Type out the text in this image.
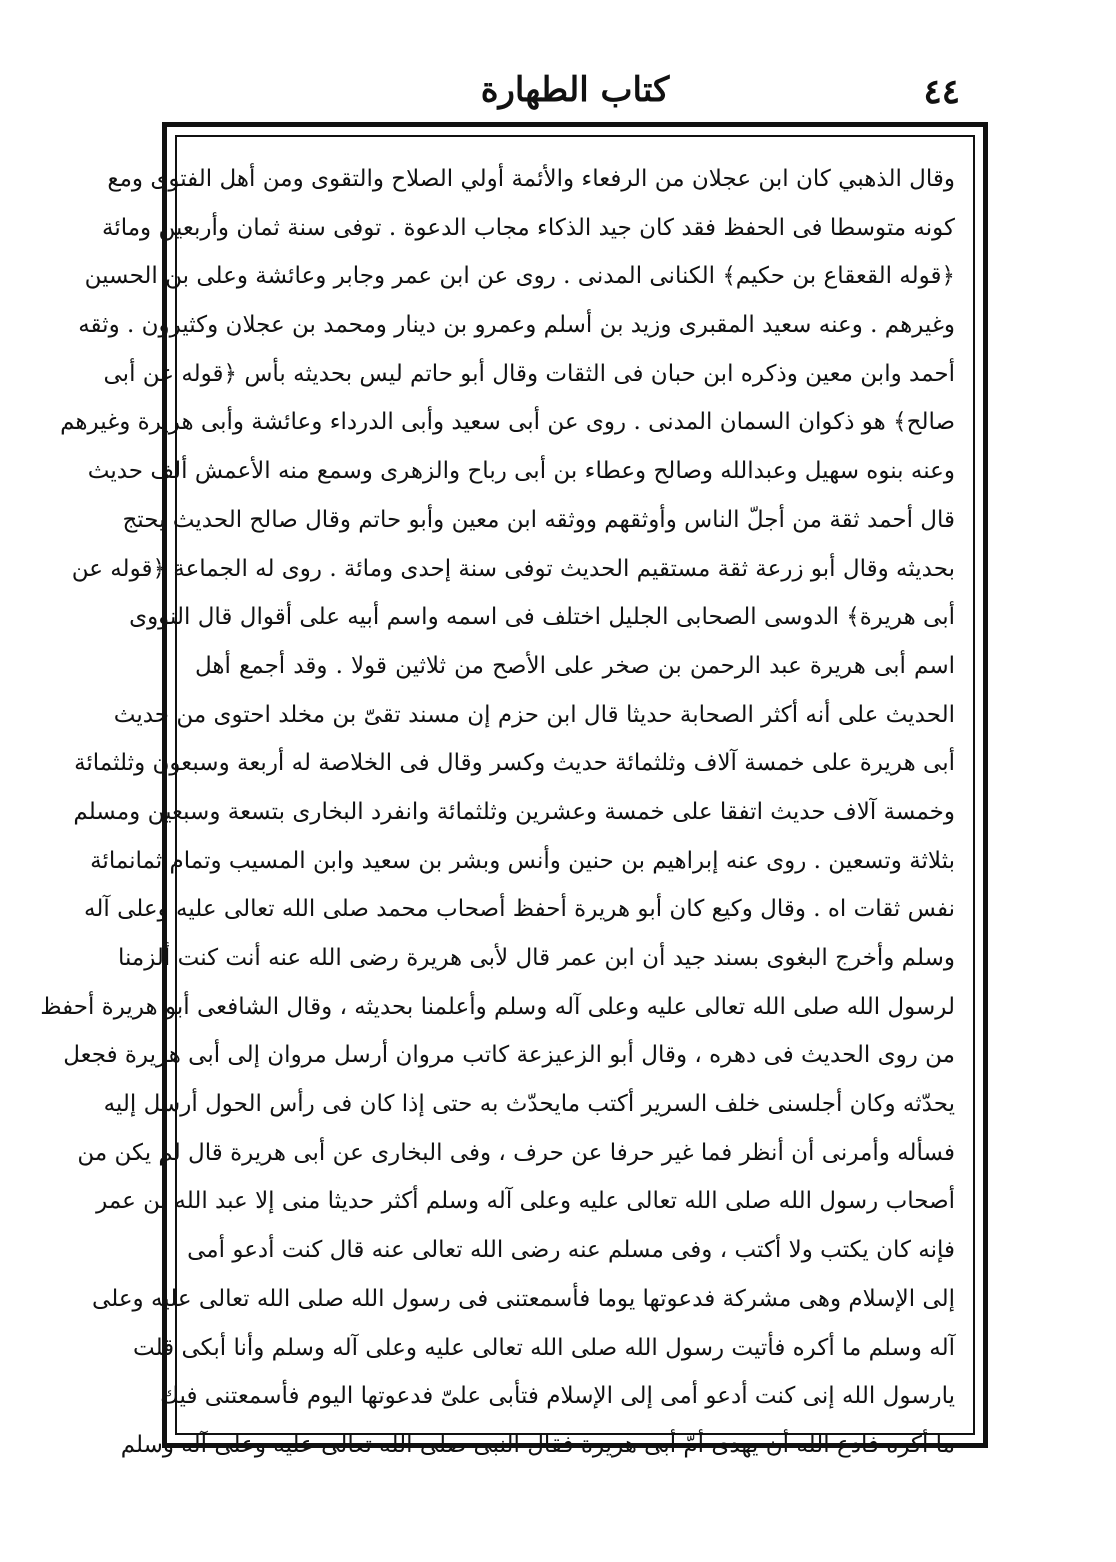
٤٤
كتاب الطهارة
وقال الذهبي كان ابن عجلان من الرفعاء والأئمة أولي الصلاح والتقوى ومن أهل الفتوى ومع
كونه متوسطا فى الحفظ فقد كان جيد الذكاء مجاب الدعوة . توفى سنة ثمان وأربعين ومائة
﴿قوله القعقاع بن حكيم﴾ الكنانى المدنى . روى عن ابن عمر وجابر وعائشة وعلى بن الحسين
وغيرهم . وعنه سعيد المقبرى وزيد بن أسلم وعمرو بن دينار ومحمد بن عجلان وكثيرون . وثقه
أحمد وابن معين وذكره ابن حبان فى الثقات وقال أبو حاتم ليس بحديثه بأس ﴿قوله عن أبى
صالح﴾ هو ذكوان السمان المدنى . روى عن أبى سعيد وأبى الدرداء وعائشة وأبى هريرة وغيرهم
وعنه بنوه سهيل وعبدالله وصالح وعطاء بن أبى رباح والزهرى وسمع منه الأعمش ألف حديث
قال أحمد ثقة من أجلّ الناس وأوثقهم ووثقه ابن معين وأبو حاتم وقال صالح الحديث يحتج
بحديثه وقال أبو زرعة ثقة مستقيم الحديث توفى سنة إحدى ومائة . روى له الجماعة ﴿قوله عن
أبى هريرة﴾ الدوسى الصحابى الجليل اختلف فى اسمه واسم أبيه على أقوال قال النووى
اسم أبى هريرة عبد الرحمن بن صخر على الأصح من ثلاثين قولا . وقد أجمع أهل
الحديث على أنه أكثر الصحابة حديثا قال ابن حزم إن مسند تقىّ بن مخلد احتوى من حديث
أبى هريرة على خمسة آلاف وثلثمائة حديث وكسر وقال فى الخلاصة له أربعة وسبعون وثلثمائة
وخمسة آلاف حديث اتفقا على خمسة وعشرين وثلثمائة وانفرد البخارى بتسعة وسبعين ومسلم
بثلاثة وتسعين . روى عنه إبراهيم بن حنين وأنس وبشر بن سعيد وابن المسيب وتمام ثمانمائة
نفس ثقات اه . وقال وكيع كان أبو هريرة أحفظ أصحاب محمد صلى الله تعالى عليه وعلى آله
وسلم وأخرج البغوى بسند جيد أن ابن عمر قال لأبى هريرة رضى الله عنه أنت كنت ألزمنا
لرسول الله صلى الله تعالى عليه وعلى آله وسلم وأعلمنا بحديثه ، وقال الشافعى أبو هريرة أحفظ
من روى الحديث فى دهره ، وقال أبو الزعيزعة كاتب مروان أرسل مروان إلى أبى هريرة فجعل
يحدّثه وكان أجلسنى خلف السرير أكتب مايحدّث به حتى إذا كان فى رأس الحول أرسل إليه
فسأله وأمرنى أن أنظر فما غير حرفا عن حرف ، وفى البخارى عن أبى هريرة قال لم يكن من
أصحاب رسول الله صلى الله تعالى عليه وعلى آله وسلم أكثر حديثا منى إلا عبد الله بن عمر
فإنه كان يكتب ولا أكتب ، وفى مسلم عنه رضى الله تعالى عنه قال كنت أدعو أمى
إلى الإسلام وهى مشركة فدعوتها يوما فأسمعتنى فى رسول الله صلى الله تعالى عليه وعلى
آله وسلم ما أكره فأتيت رسول الله صلى الله تعالى عليه وعلى آله وسلم وأنا أبكى قلت
يارسول الله إنى كنت أدعو أمى إلى الإسلام فتأبى علىّ فدعوتها اليوم فأسمعتنى فيك
ما أكره فادع الله أن يهدى أمّ أبى هريرة فقال النبى صلى الله تعالى عليه وعلى آله وسلم
